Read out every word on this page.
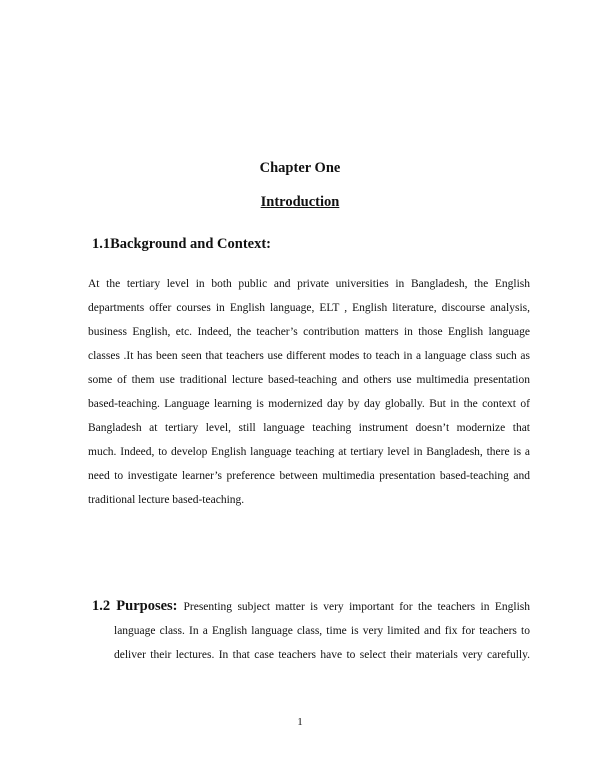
Chapter One
Introduction
1.1Background and Context:
At the tertiary level in both public and private universities in Bangladesh, the English
departments offer courses in English language, ELT , English literature, discourse analysis,
business English, etc. Indeed, the teacher’s contribution matters in those English language
classes .It has been seen that teachers use different modes to teach in a language class such as
some of them use traditional lecture based-teaching and others use multimedia presentation
based-teaching. Language learning is modernized day by day globally. But in the context of
Bangladesh at tertiary level, still language teaching instrument doesn’t modernize that
much. Indeed, to develop English language teaching at tertiary level in Bangladesh, there is a
need to investigate learner’s preference between multimedia presentation based-teaching and
traditional lecture based-teaching.
1.2 Purposes: Presenting subject matter is very important for the teachers in English
language class. In a English language class, time is very limited and fix for teachers to
deliver their lectures. In that case teachers have to select their materials very carefully.
1
